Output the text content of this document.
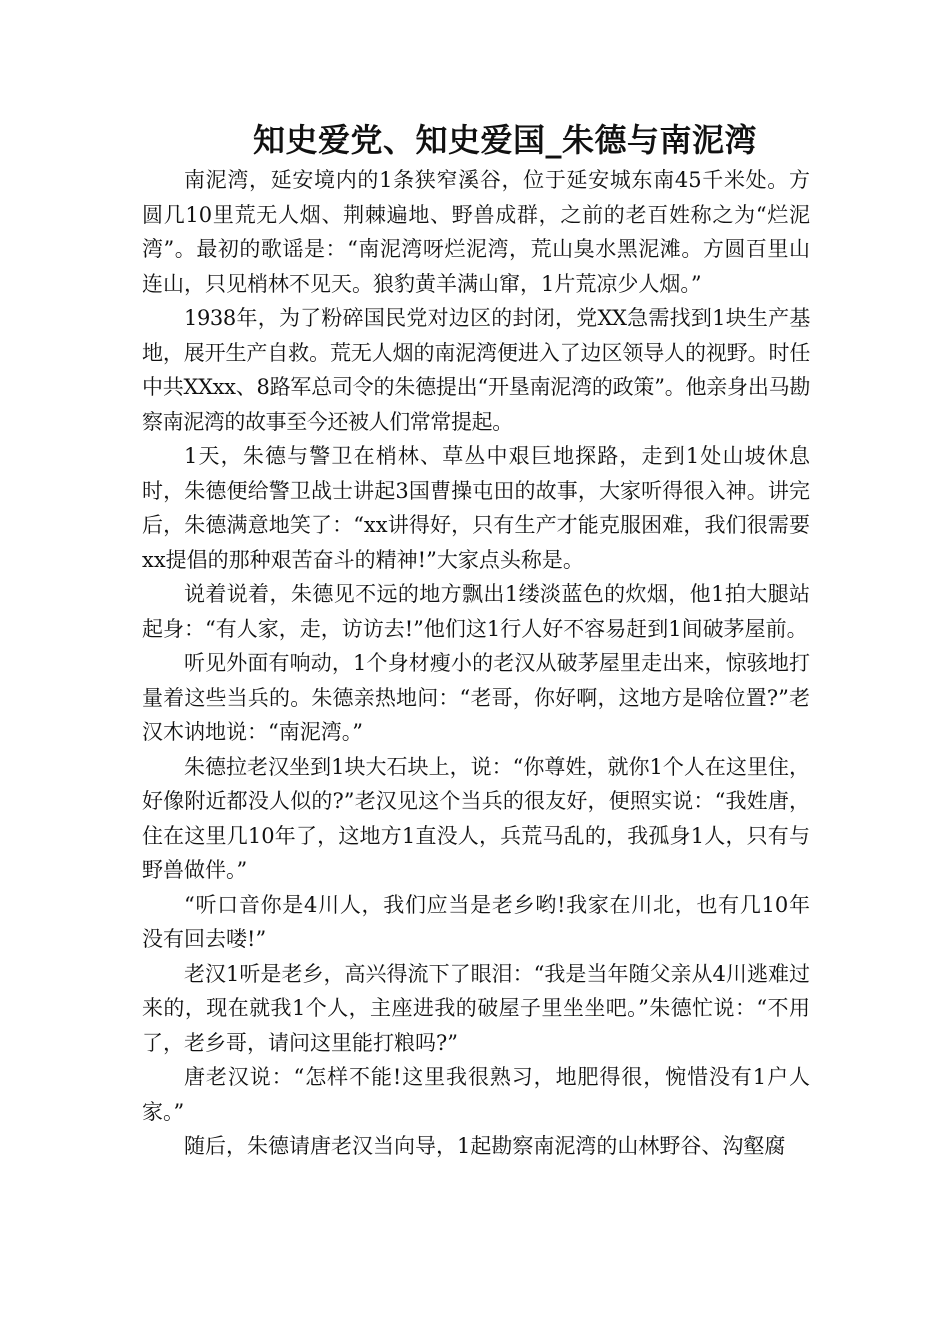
知史爱党、知史爱国_朱德与南泥湾

南泥湾，延安境内的1条狭窄溪谷，位于延安城东南45千米处。方圆几10里荒无人烟、荆棘遍地、野兽成群，之前的老百姓称之为“烂泥湾”。最初的歌谣是：“南泥湾呀烂泥湾，荒山臭水黑泥滩。方圆百里山连山，只见梢林不见天。狼豹黄羊满山窜，1片荒凉少人烟。”

1938年，为了粉碎国民党对边区的封闭，党XX急需找到1块生产基地，展开生产自救。荒无人烟的南泥湾便进入了边区领导人的视野。时任中共XXxx、8路军总司令的朱德提出“开垦南泥湾的政策”。他亲身出马勘察南泥湾的故事至今还被人们常常提起。

1天，朱德与警卫在梢林、草丛中艰巨地探路，走到1处山坡休息时，朱德便给警卫战士讲起3国曹操屯田的故事，大家听得很入神。讲完后，朱德满意地笑了：“xx讲得好，只有生产才能克服困难，我们很需要xx提倡的那种艰苦奋斗的精神!”大家点头称是。

说着说着，朱德见不远的地方飘出1缕淡蓝色的炊烟，他1拍大腿站起身：“有人家，走，访访去!”他们这1行人好不容易赶到1间破茅屋前。

听见外面有响动，1个身材瘦小的老汉从破茅屋里走出来，惊骇地打量着这些当兵的。朱德亲热地问：“老哥，你好啊，这地方是啥位置?”老汉木讷地说：“南泥湾。”

朱德拉老汉坐到1块大石块上，说：“你尊姓，就你1个人在这里住，好像附近都没人似的?”老汉见这个当兵的很友好，便照实说：“我姓唐，住在这里几10年了，这地方1直没人，兵荒马乱的，我孤身1人，只有与野兽做伴。”

“听口音你是4川人，我们应当是老乡哟!我家在川北，也有几10年没有回去喽!”

老汉1听是老乡，高兴得流下了眼泪：“我是当年随父亲从4川逃难过来的，现在就我1个人，主座进我的破屋子里坐坐吧。”朱德忙说：“不用了，老乡哥，请问这里能打粮吗?”

唐老汉说：“怎样不能!这里我很熟习，地肥得很，惋惜没有1户人家。”

随后，朱德请唐老汉当向导，1起勘察南泥湾的山林野谷、沟壑腐
